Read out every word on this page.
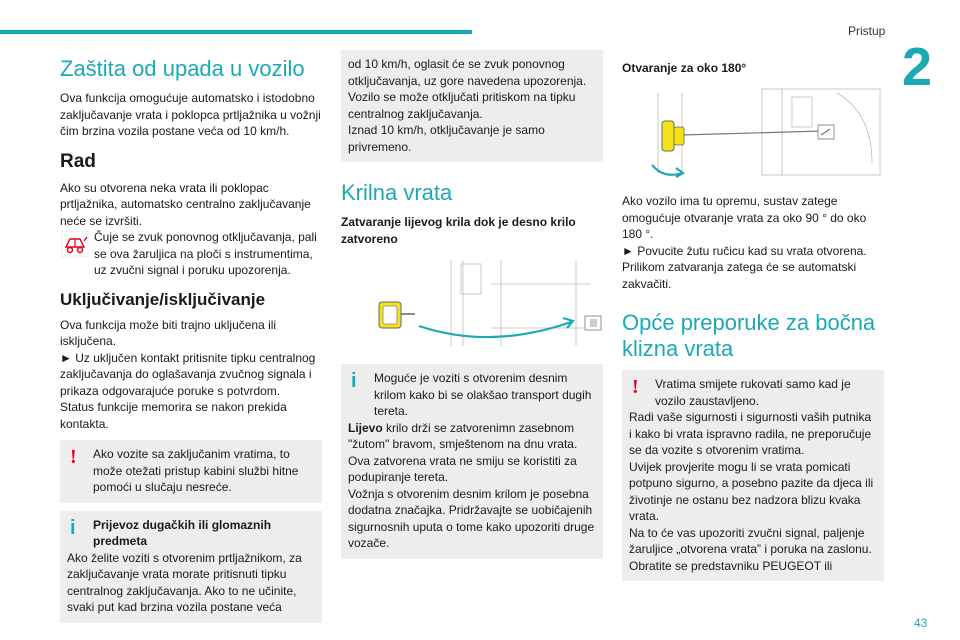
Pristup
2
Zaštita od upada u vozilo

Ova funkcija omogućuje automatsko i istodobno zaključavanje vrata i poklopca prtljažnika u vožnji čim brzina vozila postane veća od 10 km/h.

Rad

Ako su otvorena neka vrata ili poklopac prtljažnika, automatsko centralno zaključavanje neće se izvršiti.

Čuje se zvuk ponovnog otključavanja, pali se ova žaruljica na ploči s instrumentima, uz zvučni signal i poruku upozorenja.

Uključivanje/isključivanje

Ova funkcija može biti trajno uključena ili isključena.

► Uz uključen kontakt pritisnite tipku centralnog zaključavanja do oglašavanja zvučnog signala i prikaza odgovarajuće poruke s potvrdom.

Status funkcije memorira se nakon prekida kontakta.

! Ako vozite sa zaključanim vratima, to može otežati pristup kabini službi hitne pomoći u slučaju nesreće.

i Prijevoz dugačkih ili glomaznih predmeta

Ako želite voziti s otvorenim prtljažnikom, za zaključavanje vrata morate pritisnuti tipku centralnog zaključavanja. Ako to ne učinite, svaki put kad brzina vozila postane veća

od 10 km/h, oglasit će se zvuk ponovnog otključavanja, uz gore navedena upozorenja. Vozilo se može otključati pritiskom na tipku centralnog zaključavanja.

Iznad 10 km/h, otključavanje je samo privremeno.

Krilna vrata
Zatvaranje lijevog krila dok je desno krilo zatvoreno
i Moguće je voziti s otvorenim desnim krilom kako bi se olakšao transport dugih tereta.

Lijevo krilo drži se zatvorenimn zasebnom "žutom" bravom, smještenom na dnu vrata.

Ova zatvorena vrata ne smiju se koristiti za podupiranje tereta.

Vožnja s otvorenim desnim krilom je posebna dodatna značajka. Pridržavajte se uobičajenih sigurnosnih uputa o tome kako upozoriti druge vozače.

Otvaranje za oko 180°

Ako vozilo ima tu opremu, sustav zatege omogućuje otvaranje vrata za oko 90 ° do oko 180 °.

► Povucite žutu ručicu kad su vrata otvorena.

Prilikom zatvaranja zatega će se automatski zakvačiti.

Opće preporuke za bočna klizna vrata
! Vratima smijete rukovati samo kad je vozilo zaustavljeno.

Radi vaše sigurnosti i sigurnosti vaših putnika i kako bi vrata ispravno radila, ne preporučuje se da vozite s otvorenim vratima.

Uvijek provjerite mogu li se vrata pomicati potpuno sigurno, a posebno pazite da djeca ili životinje ne ostanu bez nadzora blizu kvaka vrata.

Na to će vas upozoriti zvučni signal, paljenje žaruljice „otvorena vrata” i poruka na zaslonu.

Obratite se predstavniku PEUGEOT ili

43
